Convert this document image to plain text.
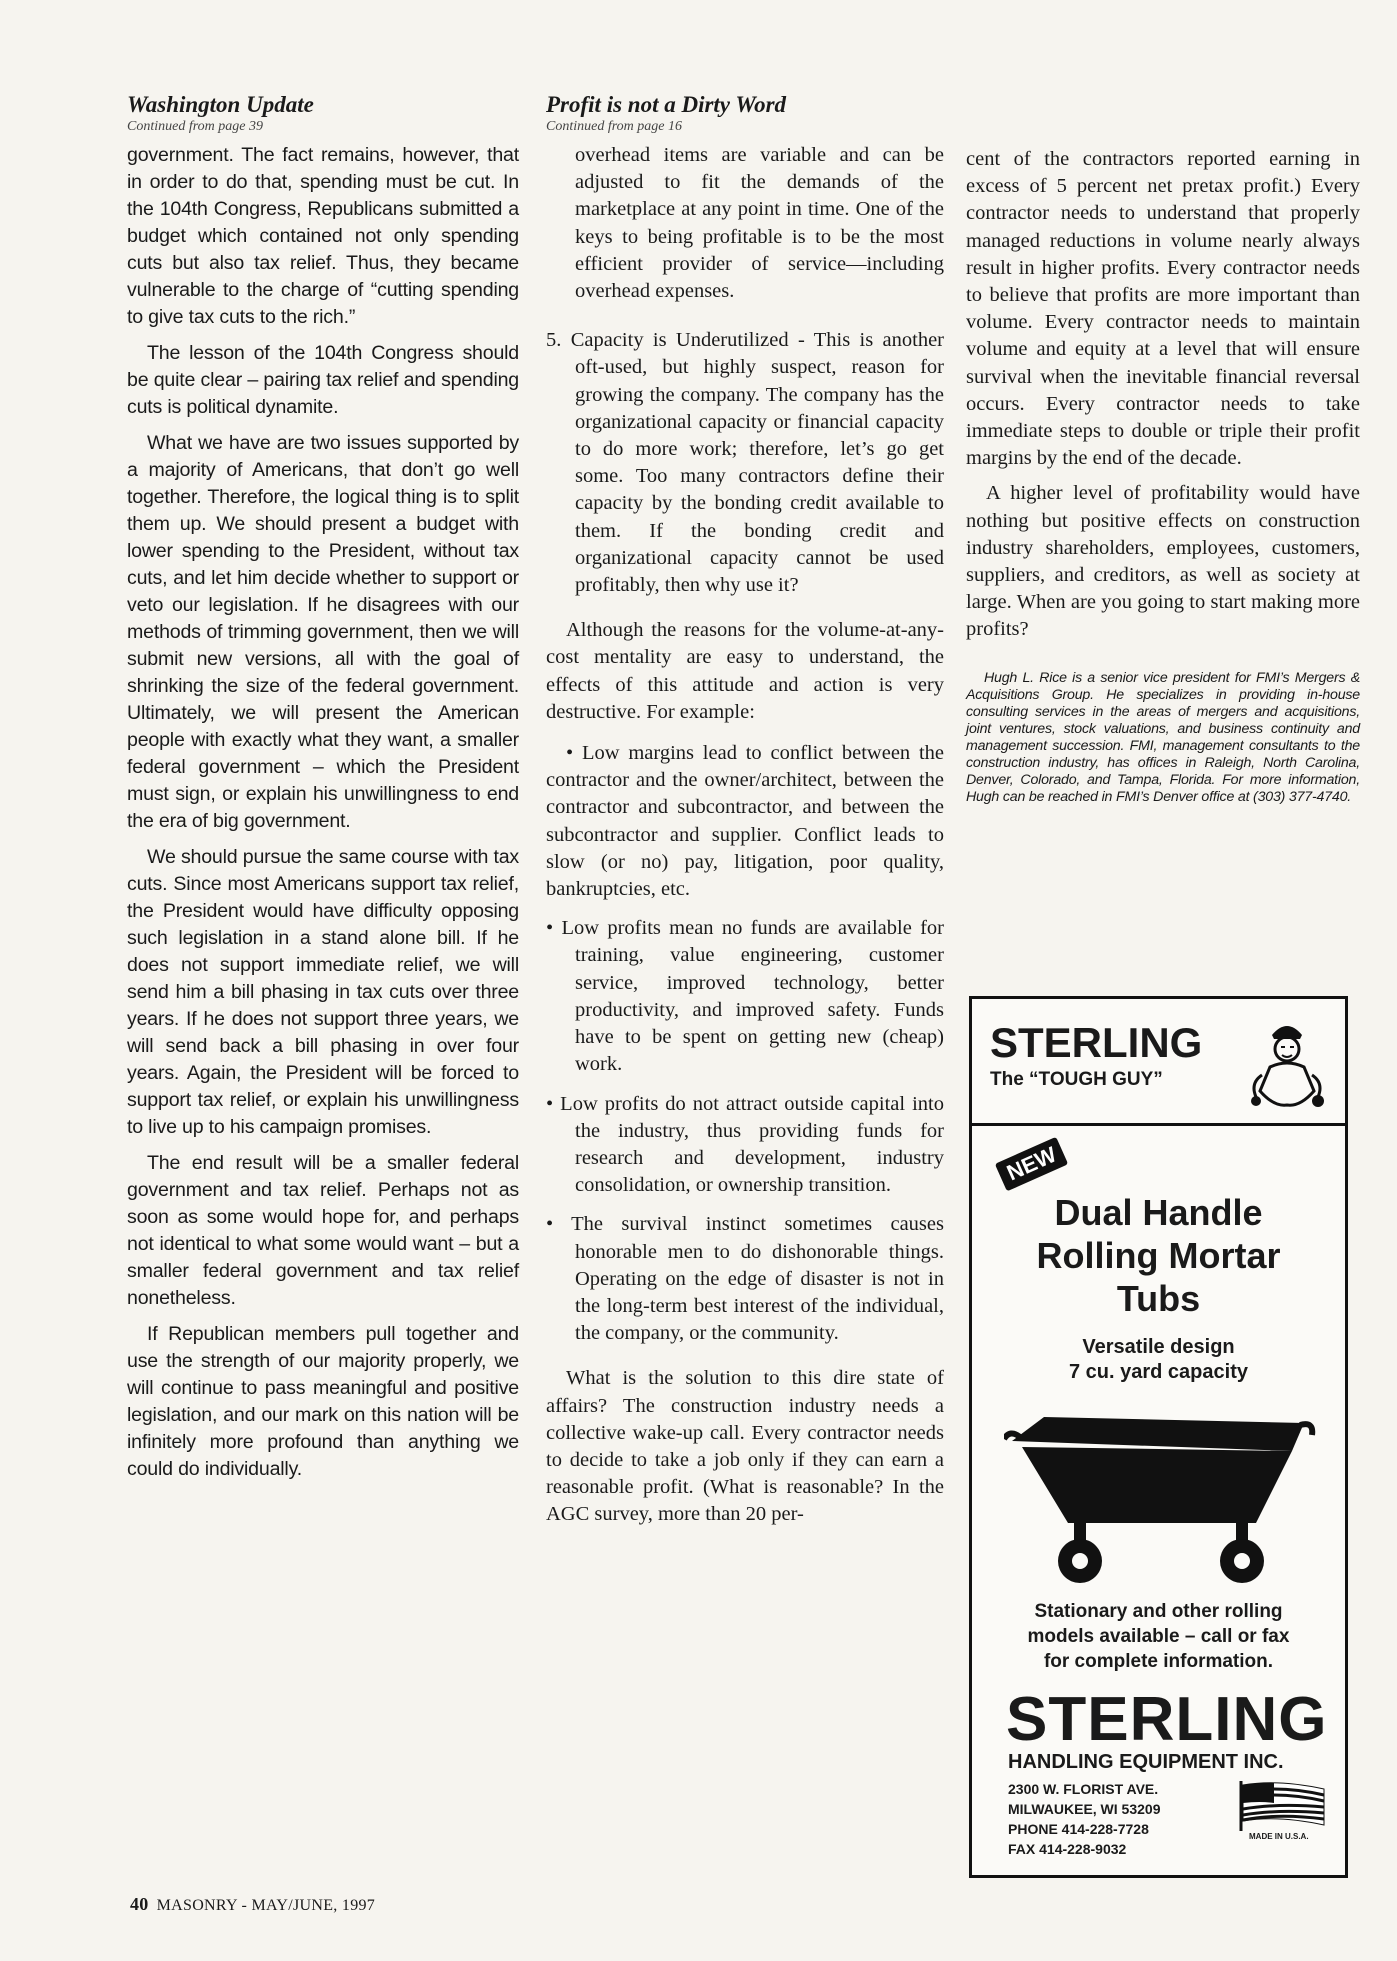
Washington Update
Continued from page 39

government. The fact remains, however, that in order to do that, spending must be cut. In the 104th Congress, Republicans submitted a budget which contained not only spending cuts but also tax relief. Thus, they became vulnerable to the charge of “cutting spending to give tax cuts to the rich.”

The lesson of the 104th Congress should be quite clear – pairing tax relief and spending cuts is political dynamite.

What we have are two issues supported by a majority of Americans, that don’t go well together. Therefore, the logical thing is to split them up. We should present a budget with lower spending to the President, without tax cuts, and let him decide whether to support or veto our legislation. If he disagrees with our methods of trimming government, then we will submit new versions, all with the goal of shrinking the size of the federal government. Ultimately, we will present the American people with exactly what they want, a smaller federal government – which the President must sign, or explain his unwillingness to end the era of big government.

We should pursue the same course with tax cuts. Since most Americans support tax relief, the President would have difficulty opposing such legislation in a stand alone bill. If he does not support immediate relief, we will send him a bill phasing in tax cuts over three years. If he does not support three years, we will send back a bill phasing in over four years. Again, the President will be forced to support tax relief, or explain his unwillingness to live up to his campaign promises.

The end result will be a smaller federal government and tax relief. Perhaps not as soon as some would hope for, and perhaps not identical to what some would want – but a smaller federal government and tax relief nonetheless.

If Republican members pull together and use the strength of our majority properly, we will continue to pass meaningful and positive legislation, and our mark on this nation will be infinitely more profound than anything we could do individually.

Profit is not a Dirty Word
Continued from page 16

overhead items are variable and can be adjusted to fit the demands of the marketplace at any point in time. One of the keys to being profitable is to be the most efficient provider of service—including overhead expenses.

5. Capacity is Underutilized - This is another oft-used, but highly suspect, reason for growing the company. The company has the organizational capacity or financial capacity to do more work; therefore, let’s go get some. Too many contractors define their capacity by the bonding credit available to them. If the bonding credit and organizational capacity cannot be used profitably, then why use it?

Although the reasons for the volume-at-any-cost mentality are easy to understand, the effects of this attitude and action is very destructive. For example:

• Low margins lead to conflict between the contractor and the owner/architect, between the contractor and subcontractor, and between the subcontractor and supplier. Conflict leads to slow (or no) pay, litigation, poor quality, bankruptcies, etc.

• Low profits mean no funds are available for training, value engineering, customer service, improved technology, better productivity, and improved safety. Funds have to be spent on getting new (cheap) work.

• Low profits do not attract outside capital into the industry, thus providing funds for research and development, industry consolidation, or ownership transition.

• The survival instinct sometimes causes honorable men to do dishonorable things. Operating on the edge of disaster is not in the long-term best interest of the individual, the company, or the community.

What is the solution to this dire state of affairs? The construction industry needs a collective wake-up call. Every contractor needs to decide to take a job only if they can earn a reasonable profit. (What is reasonable? In the AGC survey, more than 20 per-

cent of the contractors reported earning in excess of 5 percent net pretax profit.) Every contractor needs to understand that properly managed reductions in volume nearly always result in higher profits. Every contractor needs to believe that profits are more important than volume. Every contractor needs to maintain volume and equity at a level that will ensure survival when the inevitable financial reversal occurs. Every contractor needs to take immediate steps to double or triple their profit margins by the end of the decade.

A higher level of profitability would have nothing but positive effects on construction industry shareholders, employees, customers, suppliers, and creditors, as well as society at large. When are you going to start making more profits?

Hugh L. Rice is a senior vice president for FMI’s Mergers & Acquisitions Group. He specializes in providing in-house consulting services in the areas of mergers and acquisitions, joint ventures, stock valuations, and business continuity and management succession. FMI, management consultants to the construction industry, has offices in Raleigh, North Carolina, Denver, Colorado, and Tampa, Florida. For more information, Hugh can be reached in FMI’s Denver office at (303) 377-4740.

STERLING
The “TOUGH GUY”
NEW
Dual Handle
Rolling Mortar
Tubs
Versatile design
7 cu. yard capacity
Stationary and other rolling
models available – call or fax
for complete information.
STERLING
HANDLING EQUIPMENT INC.
2300 W. FLORIST AVE.
MILWAUKEE, WI 53209
PHONE 414-228-7728
FAX 414-228-9032
MADE IN U.S.A.
40 MASONRY - MAY/JUNE, 1997
